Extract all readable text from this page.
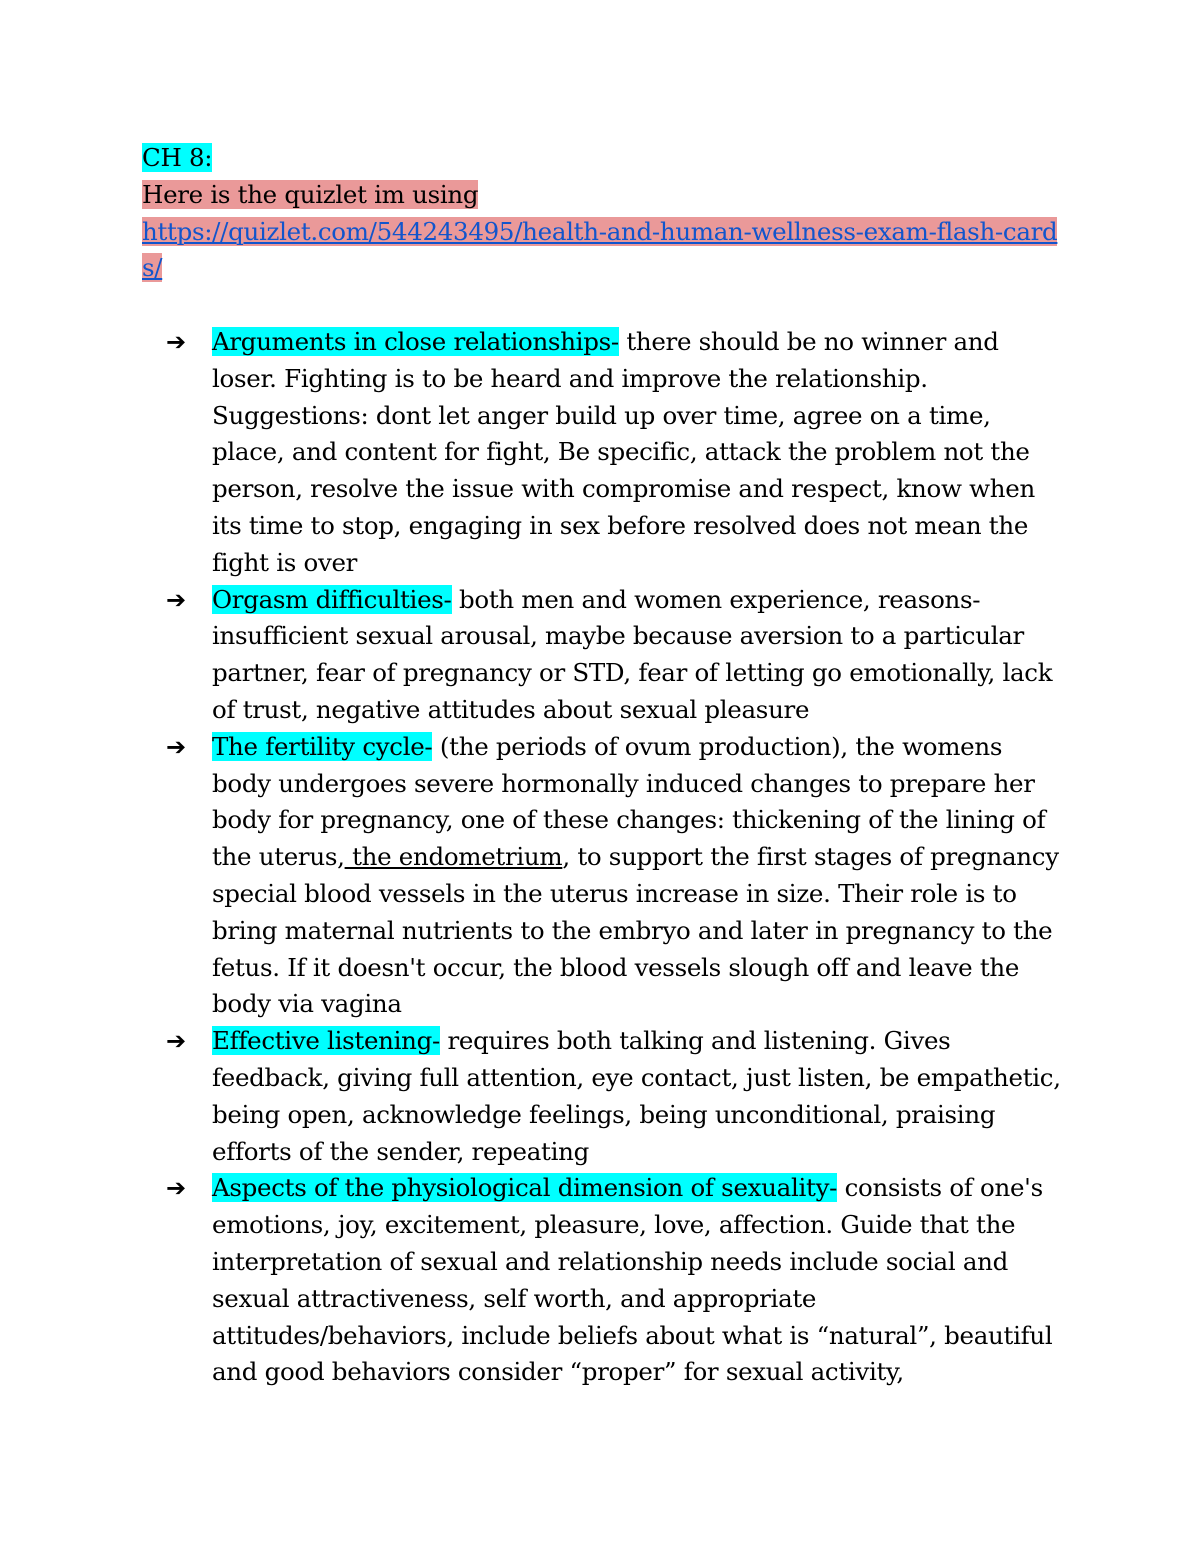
CH 8:
Here is the quizlet im using
https://quizlet.com/544243495/health-and-human-wellness-exam-flash-cards/
➔	Arguments in close relationships- there should be no winner and loser. Fighting is to be heard and improve the relationship. Suggestions: dont let anger build up over time, agree on a time, place, and content for fight, Be specific, attack the problem not the person, resolve the issue with compromise and respect, know when its time to stop, engaging in sex before resolved does not mean the fight is over
➔	Orgasm difficulties- both men and women experience, reasons- insufficient sexual arousal, maybe because aversion to a particular partner, fear of pregnancy or STD, fear of letting go emotionally, lack of trust, negative attitudes about sexual pleasure
➔	The fertility cycle- (the periods of ovum production), the womens body undergoes severe hormonally induced changes to prepare her body for pregnancy, one of these changes: thickening of the lining of the uterus, the endometrium, to support the first stages of pregnancy special blood vessels in the uterus increase in size. Their role is to bring maternal nutrients to the embryo and later in pregnancy to the fetus. If it doesn't occur, the blood vessels slough off and leave the body via vagina
➔	Effective listening- requires both talking and listening. Gives feedback, giving full attention, eye contact, just listen, be empathetic, being open, acknowledge feelings, being unconditional, praising efforts of the sender, repeating
➔	Aspects of the physiological dimension of sexuality- consists of one's emotions, joy, excitement, pleasure, love, affection. Guide that the interpretation of sexual and relationship needs include social and sexual attractiveness, self worth, and appropriate attitudes/behaviors, include beliefs about what is “natural”, beautiful and good behaviors consider “proper” for sexual activity,
